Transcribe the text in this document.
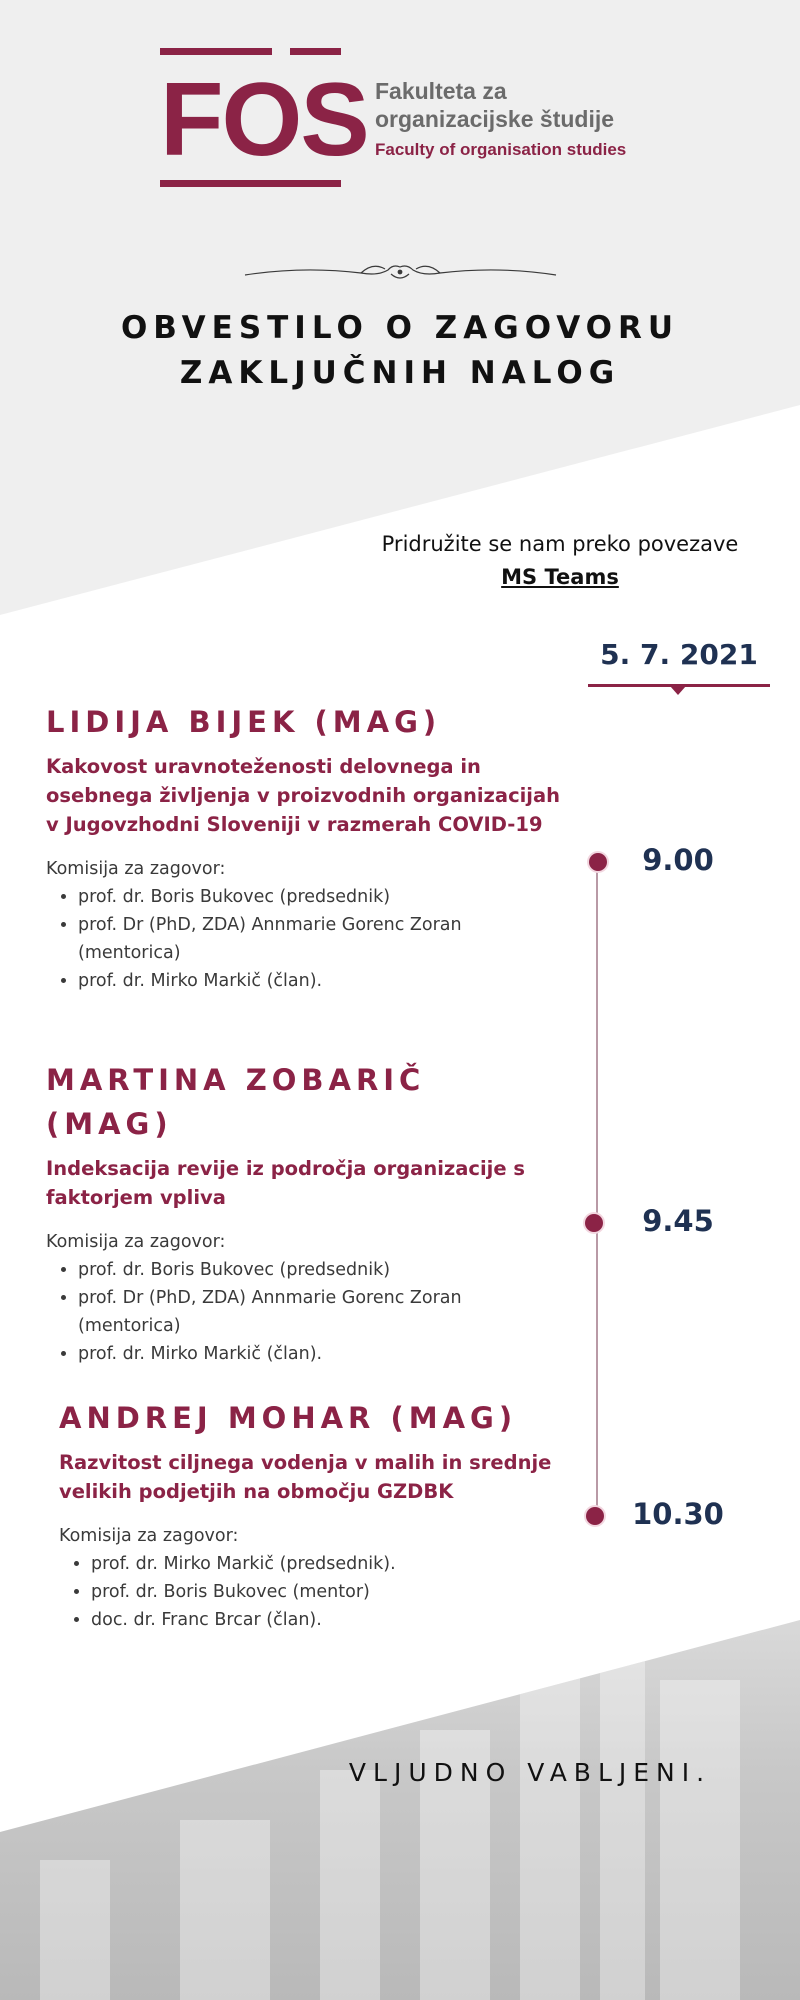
FOS Fakulteta za
organizacijske študije
Faculty of organisation studies
OBVESTILO O ZAGOVORU
ZAKLJUČNIH NALOG
Pridružite se nam preko povezave
MS Teams
5. 7. 2021
9.00
9.45
10.30
LIDIJA BIJEK (MAG)

Kakovost uravnoteženosti delovnega in osebnega življenja v proizvodnih organizacijah v Jugovzhodni Sloveniji v razmerah COVID-19

Komisija za zagovor:

• prof. dr. Boris Bukovec (predsednik)
• prof. Dr (PhD, ZDA) Annmarie Gorenc Zoran (mentorica)
• prof. dr. Mirko Markič (član).
MARTINA ZOBARIČ
(MAG)

Indeksacija revije iz področja organizacije s faktorjem vpliva

Komisija za zagovor:

• prof. dr. Boris Bukovec (predsednik)
• prof. Dr (PhD, ZDA) Annmarie Gorenc Zoran (mentorica)
• prof. dr. Mirko Markič (član).
ANDREJ MOHAR (MAG)

Razvitost ciljnega vodenja v malih in srednje velikih podjetjih na območju GZDBK

Komisija za zagovor:

• prof. dr. Mirko Markič (predsednik).
• prof. dr. Boris Bukovec (mentor)
• doc. dr. Franc Brcar (član).
VLJUDNO VABLJENI.
